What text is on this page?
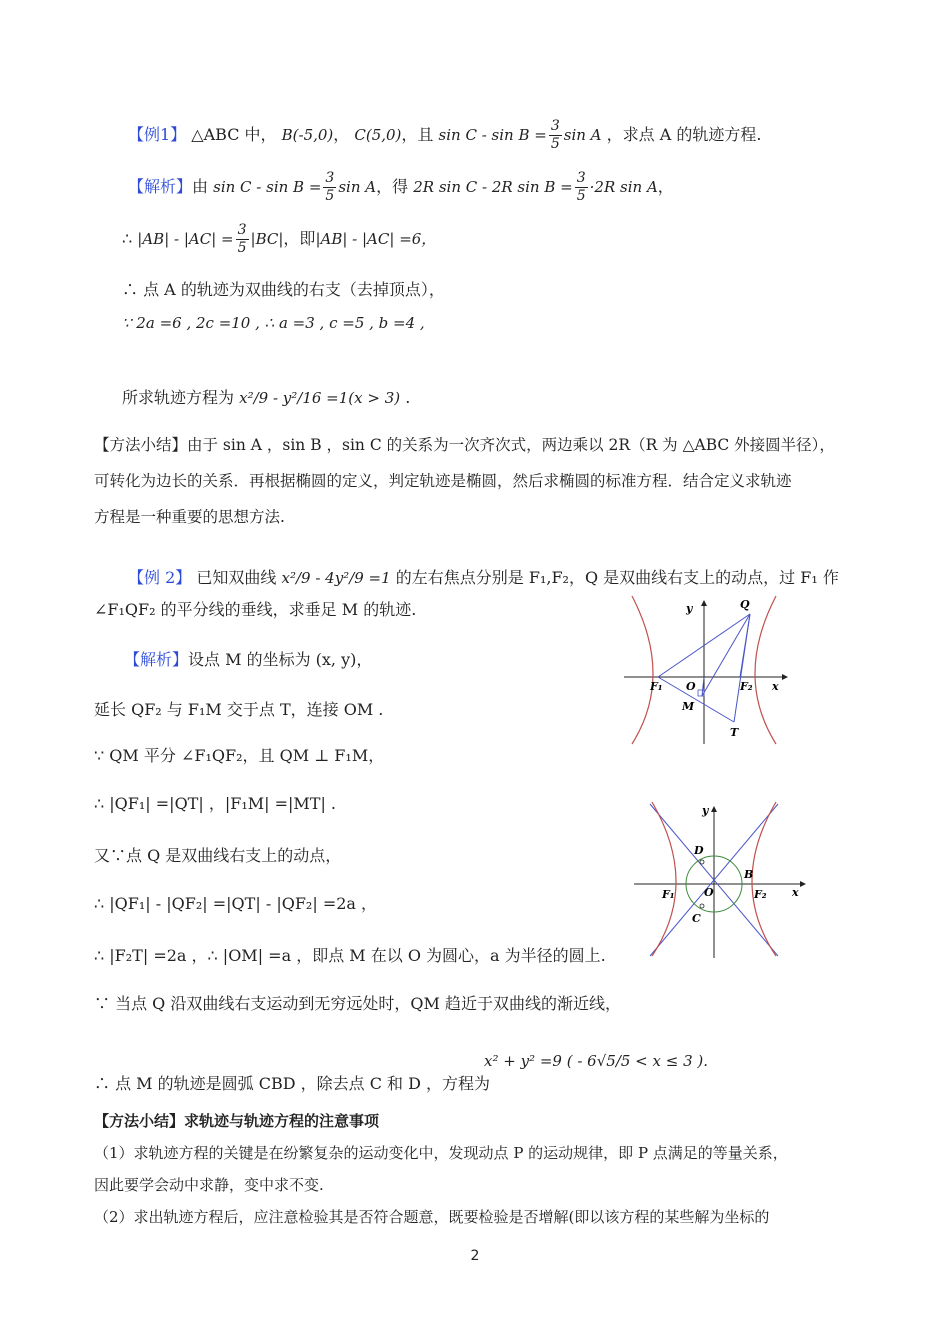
【例1】 △ABC 中， B(-5,0)， C(5,0)，且 $\sin C - \sin B = \frac{3}{5}$ sin A ，求点 A 的轨迹方程.
【解析】由 $\sin C - \sin B = \frac{3}{5}$ sin A，得 2R sin C - 2R $\sin B = \frac{3}{5} \cdot 2R$ sin A，
∴ $|AB| - |AC| = \frac{3}{5} |BC|$，即|AB| - |AC| =6，
∴ 点 A 的轨迹为双曲线的右支（去掉顶点），
∵ 2a =6 , 2c =10 , ∴ a =3 , c =5 , b =4 ,
所求轨迹方程为 x²/9 - y²/16 =1(x > 3) .
【方法小结】由于 sin A ，sin B ，sin C 的关系为一次齐次式，两边乘以 2R（R 为 △ABC 外接圆半径），
可转化为边长的关系．再根据椭圆的定义，判定轨迹是椭圆，然后求椭圆的标准方程．结合定义求轨迹
方程是一种重要的思想方法.
【例 2】 已知双曲线 x²/9 - 4y²/9 =1 的左右焦点分别是 F₁,F₂，Q 是双曲线右支上的动点，过 F₁ 作
∠F₁QF₂ 的平分线的垂线，求垂足 M 的轨迹.
【解析】设点 M 的坐标为 (x, y)，
延长 QF₂ 与 F₁M 交于点 T，连接 OM .
∵ QM 平分 ∠F₁QF₂，且 QM ⊥ F₁M，
∴ |QF₁| =|QT| ，|F₁M| =|MT| .
又∵点 Q 是双曲线右支上的动点，
∴ |QF₁| - |QF₂| =|QT| - |QF₂| =2a ，
∴ |F₂T| =2a ，∴ |OM| =a ，即点 M 在以 O 为圆心，a 为半径的圆上.
∵ 当点 Q 沿双曲线右支运动到无穷远处时，QM 趋近于双曲线的渐近线，
∴ 点 M 的轨迹是圆弧 CBD ，除去点 C 和 D ，方程为
x² + y² =9 ( - 6√5/5 < x ≤ 3 ).
【方法小结】求轨迹与轨迹方程的注意事项
（1）求轨迹方程的关键是在纷繁复杂的运动变化中，发现动点 P 的运动规律，即 P 点满足的等量关系，
因此要学会动中求静，变中求不变.
（2）求出轨迹方程后，应注意检验其是否符合题意，既要检验是否增解(即以该方程的某些解为坐标的
2
y	Q
O	x
F₁	F₂
M
T
y
D
B
O
F₁	F₂ x
C
